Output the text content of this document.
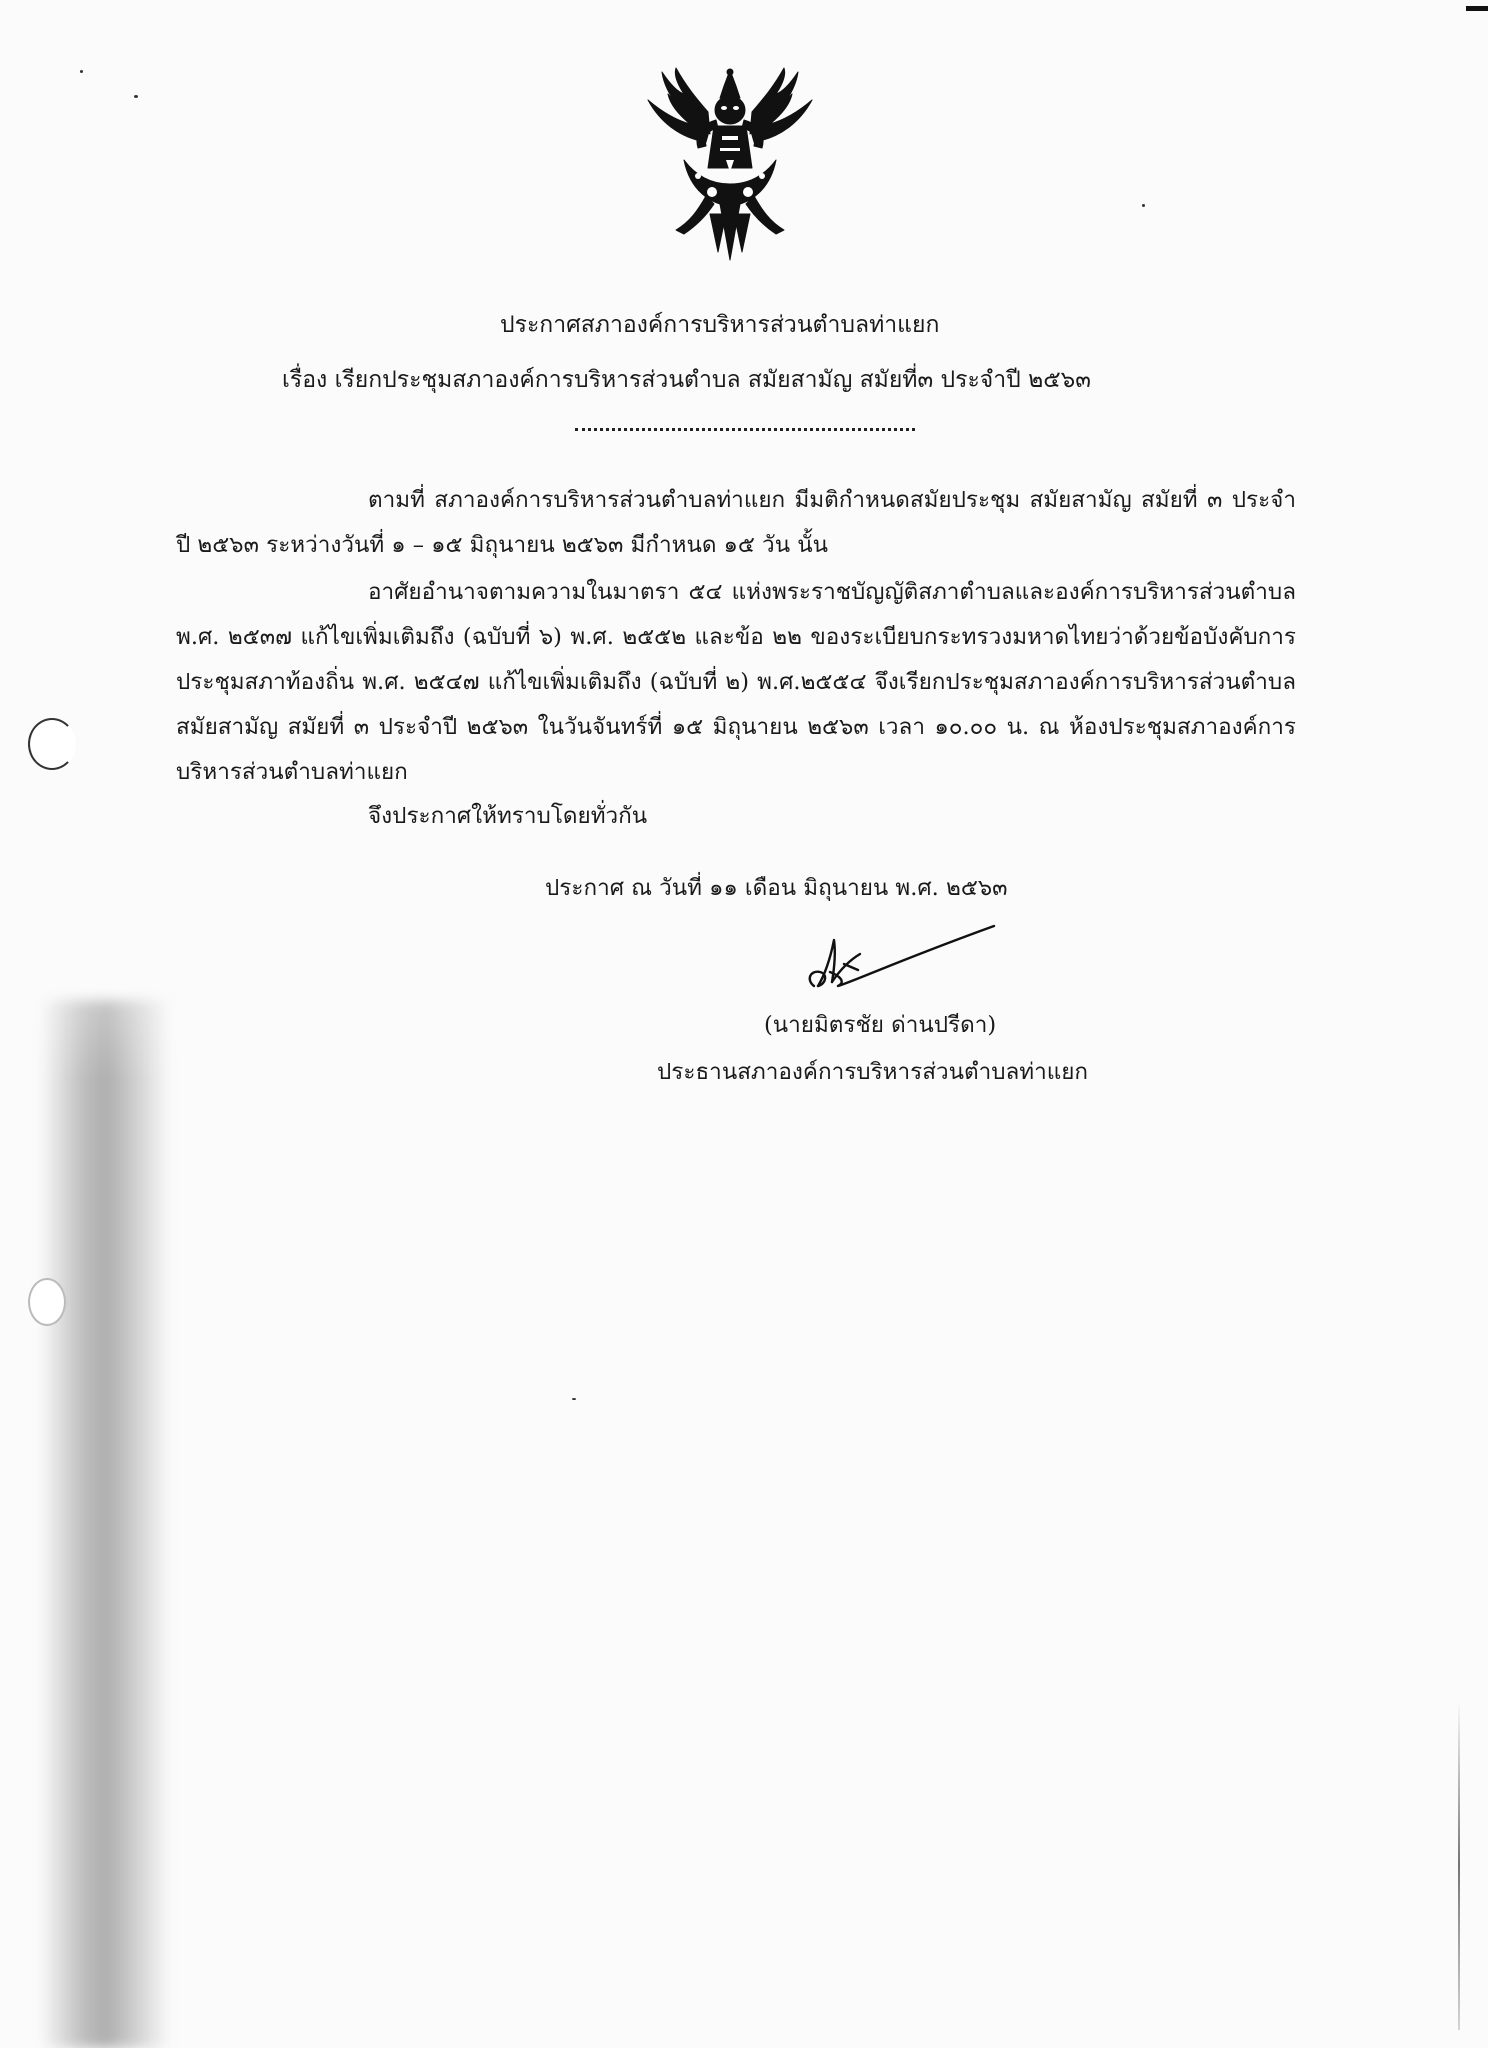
ประกาศสภาองค์การบริหารส่วนตำบลท่าแยก
เรื่อง เรียกประชุมสภาองค์การบริหารส่วนตำบล สมัยสามัญ สมัยที่๓ ประจำปี ๒๕๖๓
ตามที่ สภาองค์การบริหารส่วนตำบลท่าแยก มีมติกำหนดสมัยประชุม สมัยสามัญ สมัยที่ ๓ ประจำปี ๒๕๖๓ ระหว่างวันที่ ๑ – ๑๕ มิถุนายน ๒๕๖๓ มีกำหนด ๑๕ วัน นั้น
อาศัยอำนาจตามความในมาตรา ๕๔ แห่งพระราชบัญญัติสภาตำบลและองค์การบริหารส่วนตำบล พ.ศ. ๒๕๓๗ แก้ไขเพิ่มเติมถึง (ฉบับที่ ๖) พ.ศ. ๒๕๕๒ และข้อ ๒๒ ของระเบียบกระทรวงมหาดไทยว่าด้วยข้อบังคับการประชุมสภาท้องถิ่น พ.ศ. ๒๕๔๗ แก้ไขเพิ่มเติมถึง (ฉบับที่ ๒) พ.ศ.๒๕๕๔ จึงเรียกประชุมสภาองค์การบริหารส่วนตำบล สมัยสามัญ สมัยที่ ๓ ประจำปี ๒๕๖๓ ในวันจันทร์ที่ ๑๕ มิถุนายน ๒๕๖๓ เวลา ๑๐.๐๐ น. ณ ห้องประชุมสภาองค์การบริหารส่วนตำบลท่าแยก
จึงประกาศให้ทราบโดยทั่วกัน
ประกาศ ณ วันที่ ๑๑ เดือน มิถุนายน พ.ศ. ๒๕๖๓
(นายมิตรชัย ด่านปรีดา)
ประธานสภาองค์การบริหารส่วนตำบลท่าแยก
